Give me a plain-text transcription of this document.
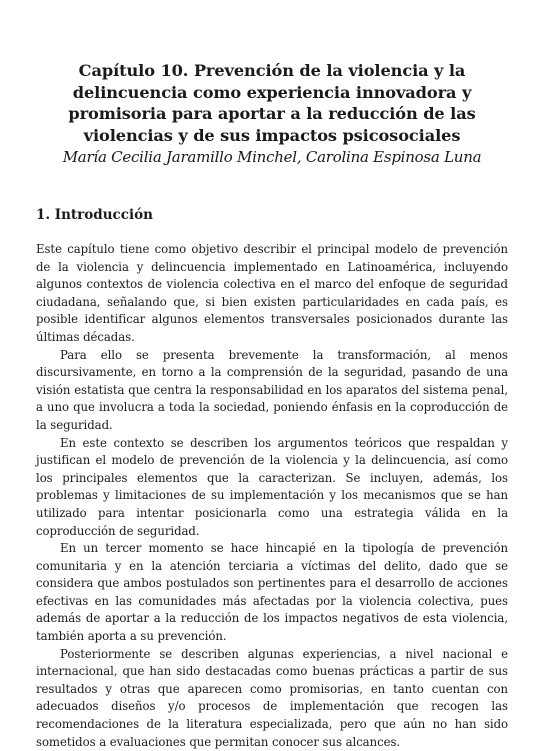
Capítulo 10. Prevención de la violencia y la delincuencia como experiencia innovadora y promisoria para aportar a la reducción de las violencias y de sus impactos psicosociales
María Cecilia Jaramillo Minchel, Carolina Espinosa Luna
1. Introducción

Este capítulo tiene como objetivo describir el principal modelo de prevención de la violencia y delincuencia implementado en Latinoamérica, incluyendo algunos contextos de violencia colectiva en el marco del enfoque de seguridad ciudadana, señalando que, si bien existen particularidades en cada país, es posible identificar algunos elementos transversales posicionados durante las últimas décadas.

Para ello se presenta brevemente la transformación, al menos discursivamente, en torno a la comprensión de la seguridad, pasando de una visión estatista que centra la responsabilidad en los aparatos del sistema penal, a uno que involucra a toda la sociedad, poniendo énfasis en la coproducción de la seguridad.

En este contexto se describen los argumentos teóricos que respaldan y justifican el modelo de prevención de la violencia y la delincuencia, así como los principales elementos que la caracterizan. Se incluyen, además, los problemas y limitaciones de su implementación y los mecanismos que se han utilizado para intentar posicionarla como una estrategia válida en la coproducción de seguridad.

En un tercer momento se hace hincapié en la tipología de prevención comunitaria y en la atención terciaria a víctimas del delito, dado que se considera que ambos postulados son pertinentes para el desarrollo de acciones efectivas en las comunidades más afectadas por la violencia colectiva, pues además de aportar a la reducción de los impactos negativos de esta violencia, también aporta a su prevención.

Posteriormente se describen algunas experiencias, a nivel nacional e internacional, que han sido destacadas como buenas prácticas a partir de sus resultados y otras que aparecen como promisorias, en tanto cuentan con adecuados diseños y/o procesos de implementación que recogen las recomendaciones de la literatura especializada, pero que aún no han sido sometidos a evaluaciones que permitan conocer sus alcances.
